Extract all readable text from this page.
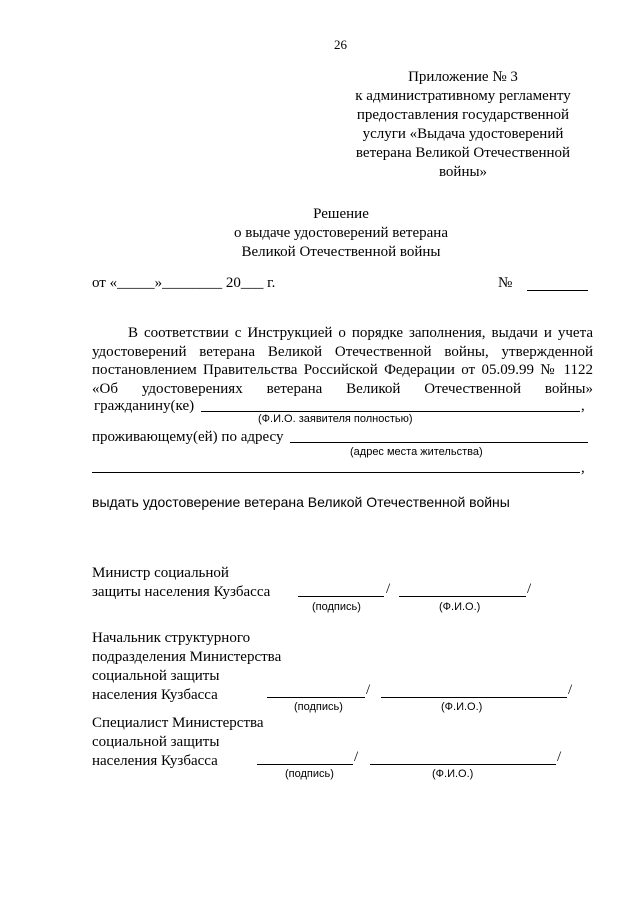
26
Приложение № 3
к административному регламенту
предоставления государственной
услуги «Выдача удостоверений
ветерана Великой Отечественной
войны»
Решение
о выдаче удостоверений ветерана
Великой Отечественной войны
от «_____»________ 20___ г.	№
В соответствии с Инструкцией о порядке заполнения, выдачи и учета
удостоверений ветерана Великой Отечественной войны, утвержденной
постановлением Правительства Российской Федерации от 05.09.99 № 1122
«Об удостоверениях ветерана Великой Отечественной войны»
гражданину(ке)	,
(Ф.И.О. заявителя полностью)
проживающему(ей) по адресу
(адрес места жительства)
,
выдать удостоверение ветерана Великой Отечественной войны
Министр социальной
защиты населения Кузбасса	/	/
(подпись)	(Ф.И.О.)
Начальник структурного
подразделения Министерства
социальной защиты
населения Кузбасса	/	/
(подпись)	(Ф.И.О.)
Специалист Министерства
социальной защиты
населения Кузбасса	/	/
(подпись)	(Ф.И.О.)
